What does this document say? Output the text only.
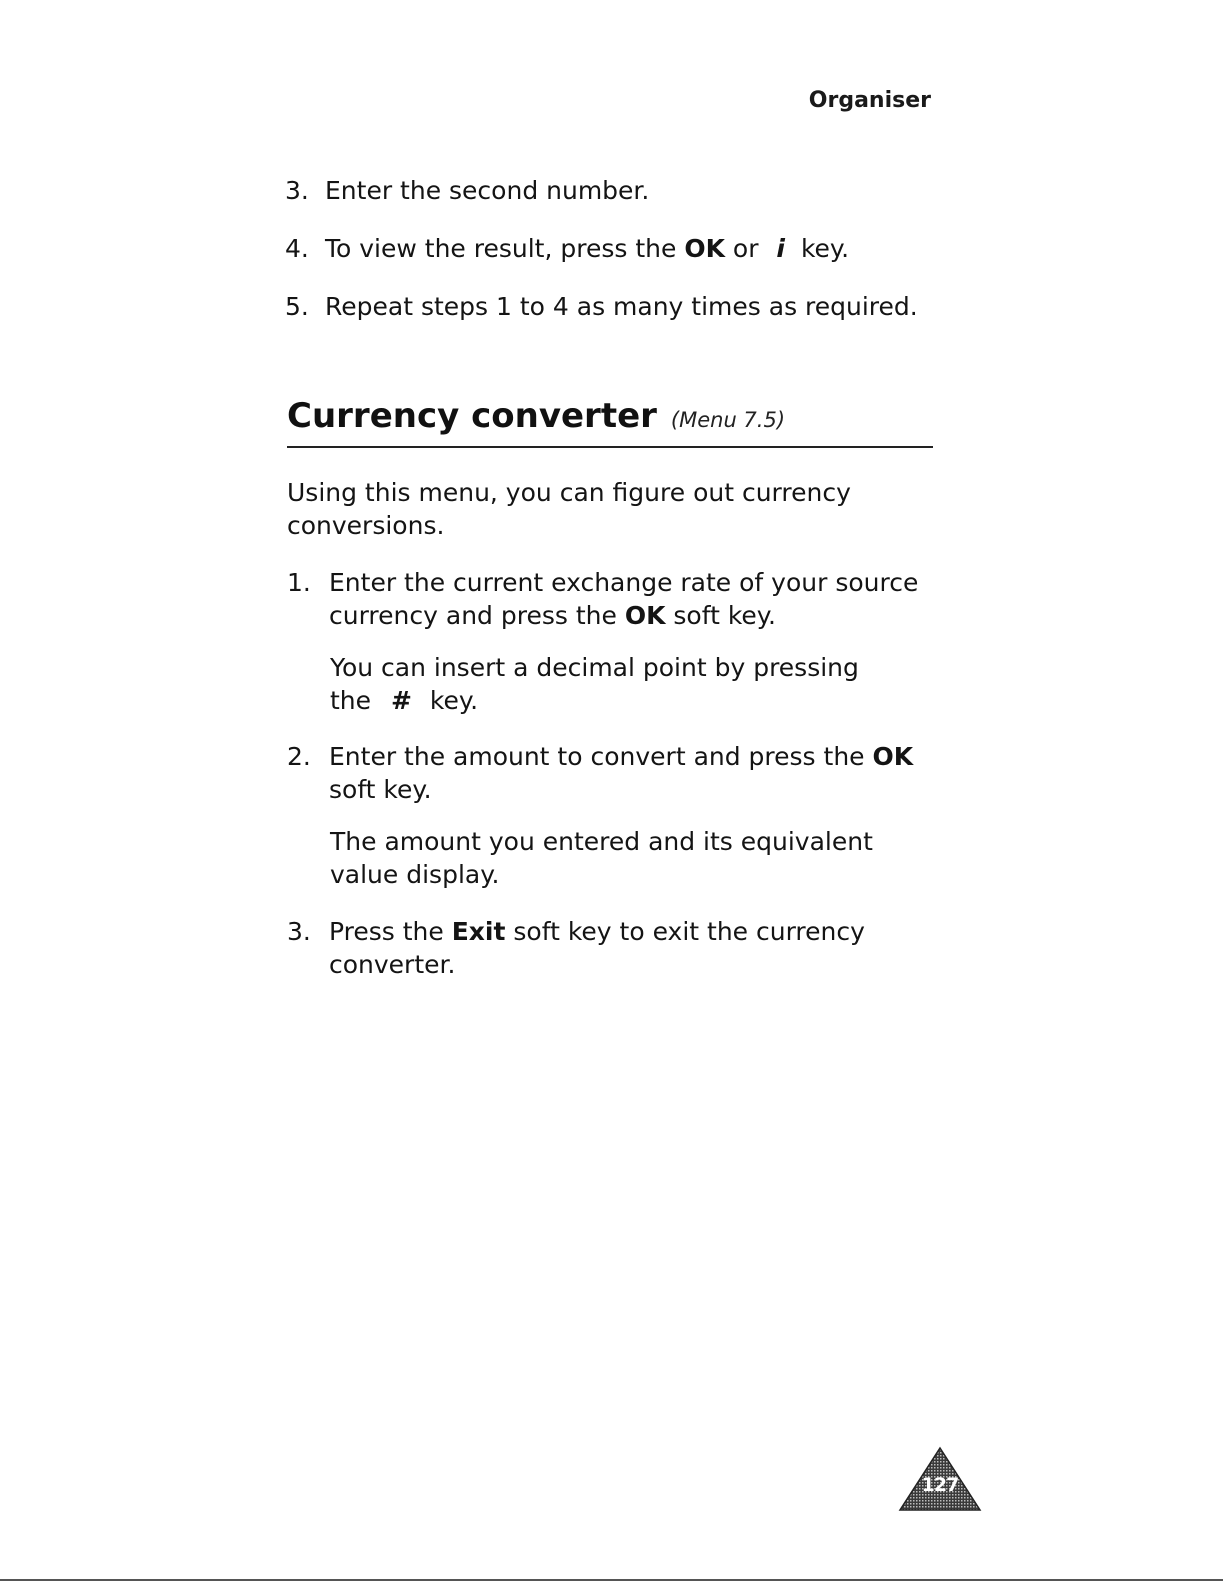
Organiser
3. Enter the second number.
4. To view the result, press the OK or i key.
5. Repeat steps 1 to 4 as many times as required.
Currency converter (Menu 7.5)
Using this menu, you can figure out currency
conversions.
1. Enter the current exchange rate of your source
currency and press the OK soft key.
You can insert a decimal point by pressing
the # key.
2. Enter the amount to convert and press the OK
soft key.
The amount you entered and its equivalent
value display.
3. Press the Exit soft key to exit the currency
converter.
127
